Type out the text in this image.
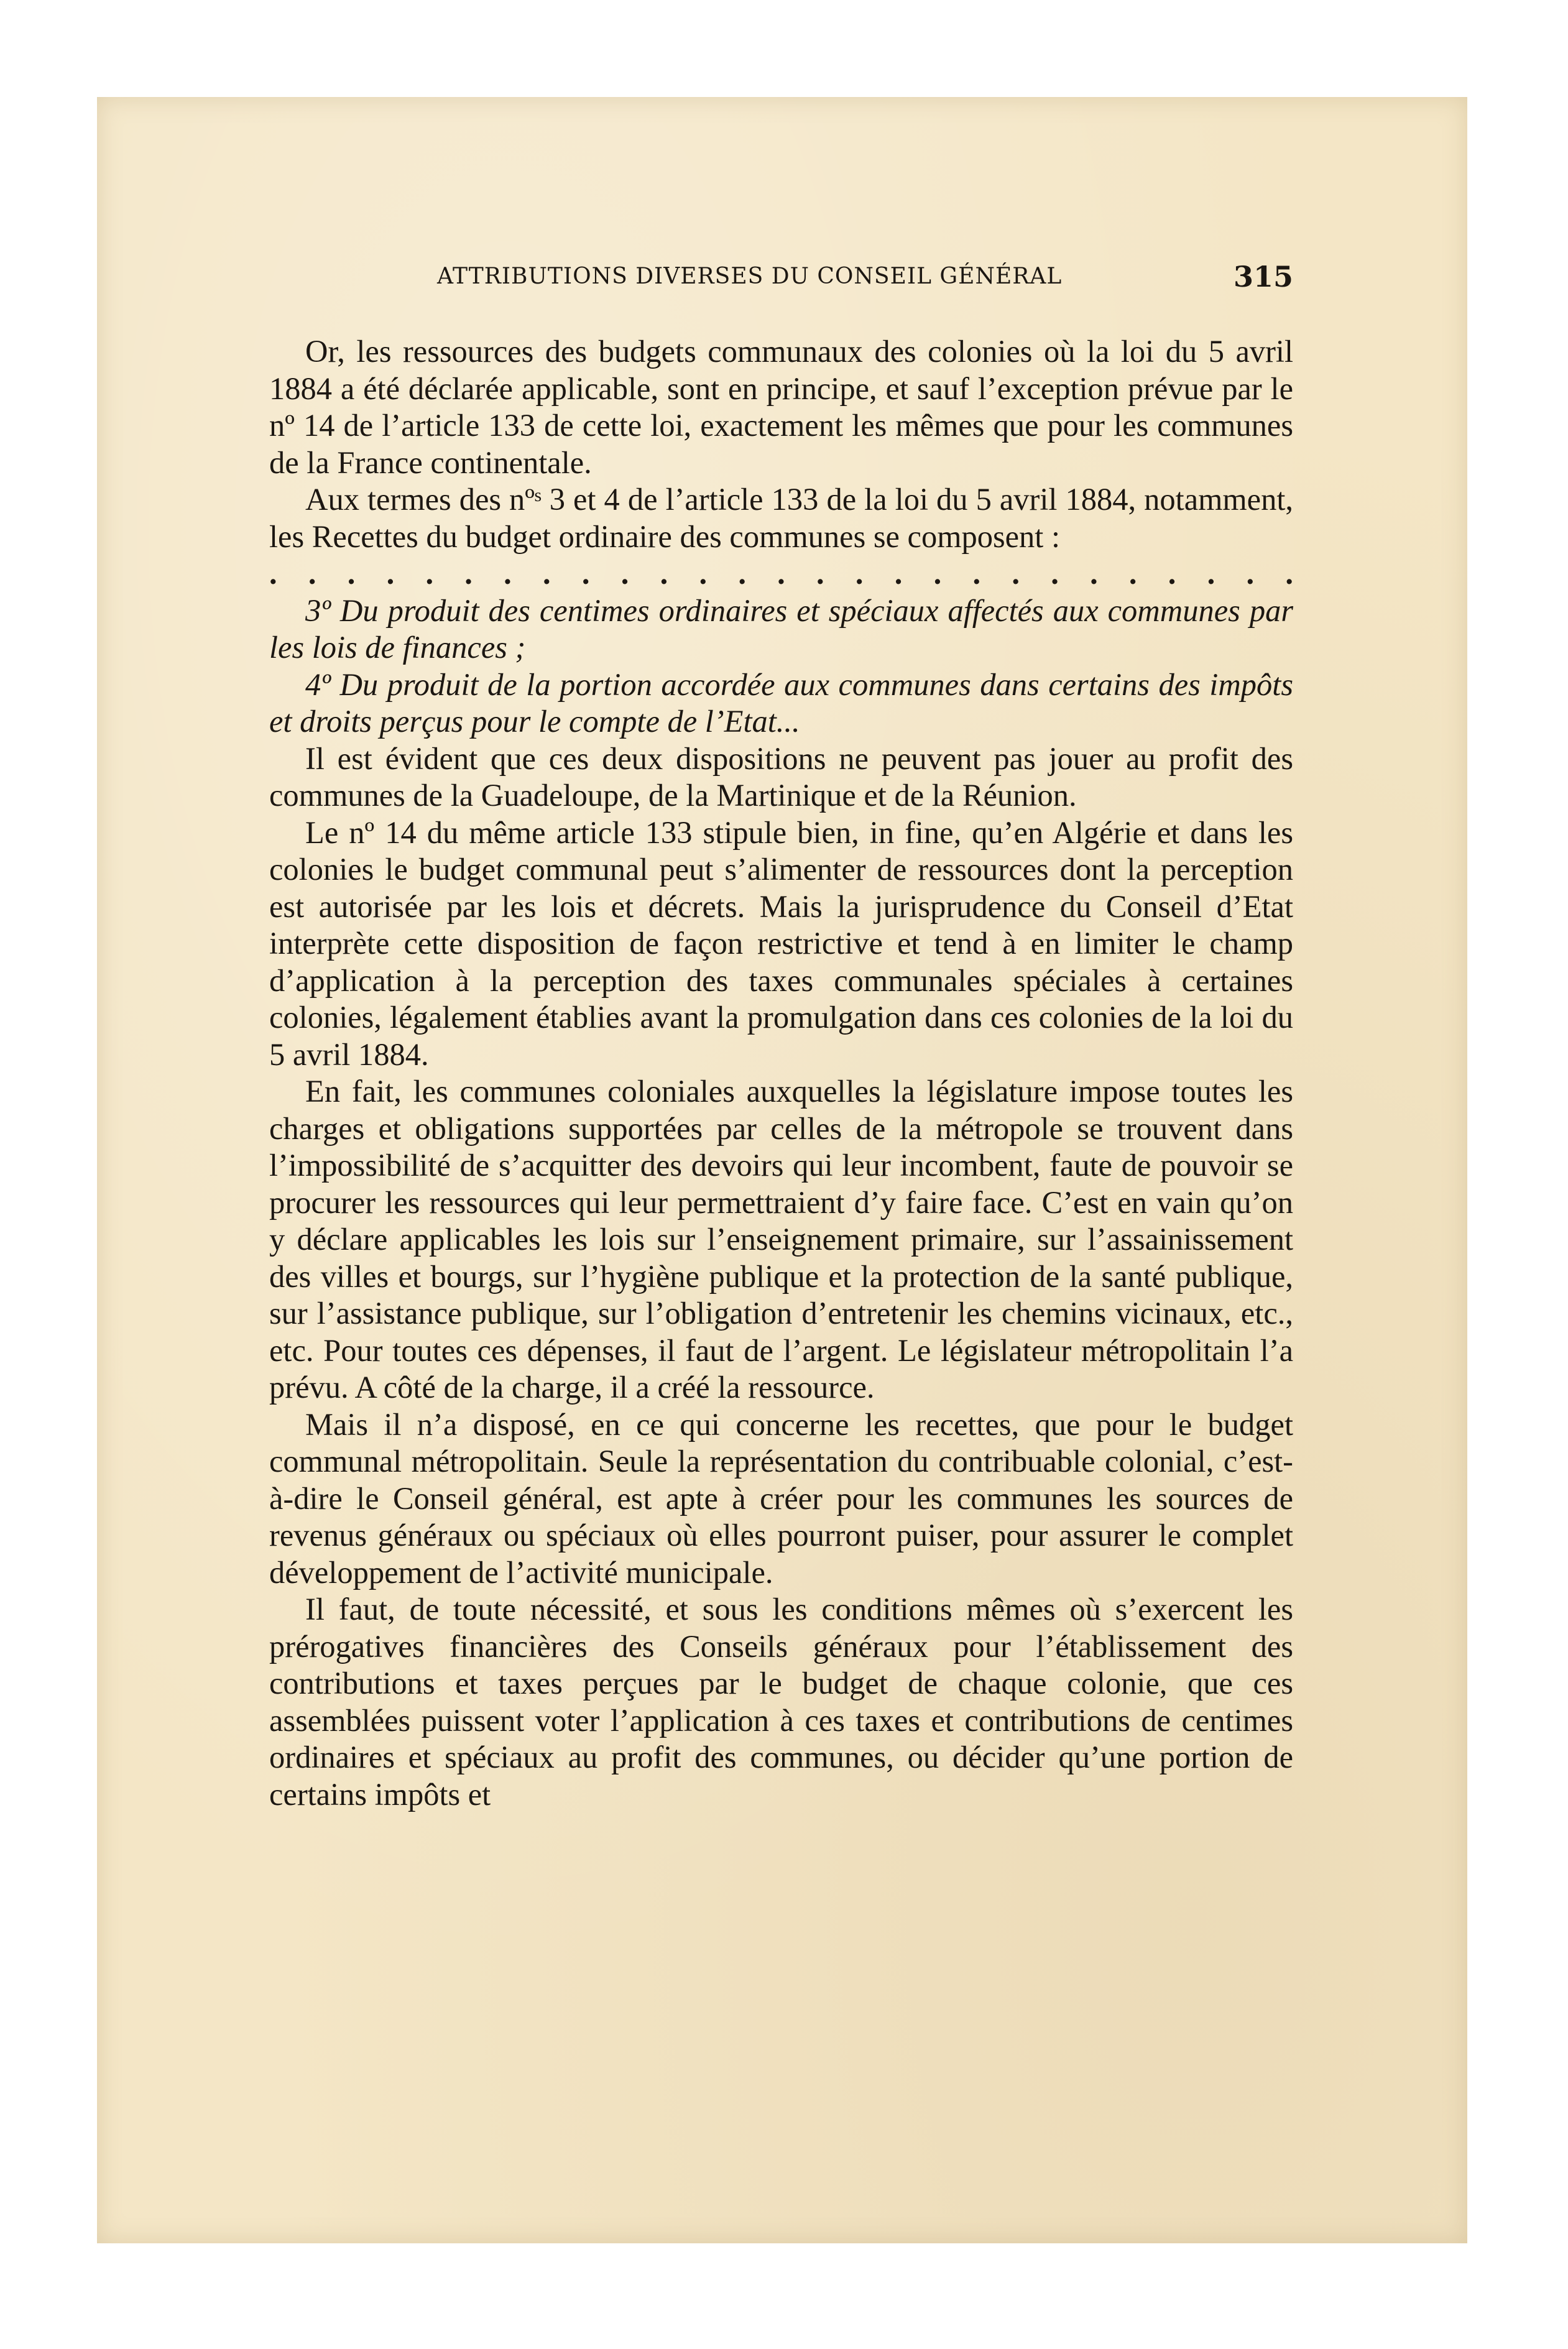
ATTRIBUTIONS DIVERSES DU CONSEIL GÉNÉRAL	315

Or, les ressources des budgets communaux des colonies où la loi du 5 avril 1884 a été déclarée applicable, sont en principe, et sauf l’exception prévue par le nº 14 de l’article 133 de cette loi, exactement les mêmes que pour les communes de la France continentale.

Aux termes des nºˢ 3 et 4 de l’article 133 de la loi du 5 avril 1884, notamment, les Recettes du budget ordinaire des communes se composent :

. . . . . . . . . . . . . . . . . . . . . . . . . . .

3º Du produit des centimes ordinaires et spéciaux affectés aux communes par les lois de finances ;

4º Du produit de la portion accordée aux communes dans certains des impôts et droits perçus pour le compte de l’Etat...

Il est évident que ces deux dispositions ne peuvent pas jouer au profit des communes de la Guadeloupe, de la Martinique et de la Réunion.

Le nº 14 du même article 133 stipule bien, in fine, qu’en Algérie et dans les colonies le budget communal peut s’alimenter de ressources dont la perception est autorisée par les lois et décrets. Mais la jurisprudence du Conseil d’Etat interprète cette disposition de façon restrictive et tend à en limiter le champ d’application à la perception des taxes communales spéciales à certaines colonies, légalement établies avant la promulgation dans ces colonies de la loi du 5 avril 1884.

En fait, les communes coloniales auxquelles la législature impose toutes les charges et obligations supportées par celles de la métropole se trouvent dans l’impossibilité de s’acquitter des devoirs qui leur incombent, faute de pouvoir se procurer les ressources qui leur permettraient d’y faire face. C’est en vain qu’on y déclare applicables les lois sur l’enseignement primaire, sur l’assainissement des villes et bourgs, sur l’hygiène publique et la protection de la santé publique, sur l’assistance publique, sur l’obligation d’entretenir les chemins vicinaux, etc., etc. Pour toutes ces dépenses, il faut de l’argent. Le législateur métropolitain l’a prévu. A côté de la charge, il a créé la ressource.

Mais il n’a disposé, en ce qui concerne les recettes, que pour le budget communal métropolitain. Seule la représentation du contribuable colonial, c’est-à-dire le Conseil général, est apte à créer pour les communes les sources de revenus généraux ou spéciaux où elles pourront puiser, pour assurer le complet développement de l’activité municipale.

Il faut, de toute nécessité, et sous les conditions mêmes où s’exercent les prérogatives financières des Conseils généraux pour l’établissement des contributions et taxes perçues par le budget de chaque colonie, que ces assemblées puissent voter l’application à ces taxes et contributions de centimes ordinaires et spéciaux au profit des communes, ou décider qu’une portion de certains impôts et
